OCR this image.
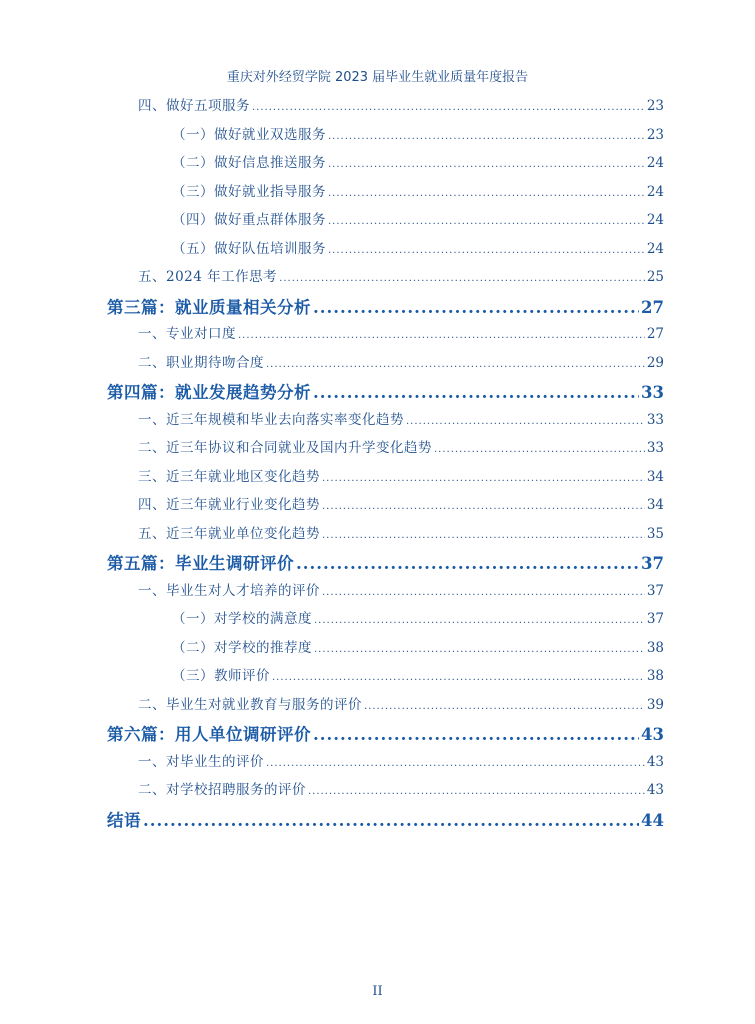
重庆对外经贸学院 2023 届毕业生就业质量年度报告
四、做好五项服务 .....	23
（一）做好就业双选服务 .....	23
（二）做好信息推送服务 .....	24
（三）做好就业指导服务 .....	24
（四）做好重点群体服务 .....	24
（五）做好队伍培训服务 .....	24
五、2024 年工作思考 .....	25
第三篇：就业质量相关分析 .....	27
一、专业对口度 .....	27
二、职业期待吻合度 .....	29
第四篇：就业发展趋势分析 .....	33
一、近三年规模和毕业去向落实率变化趋势 .....	33
二、近三年协议和合同就业及国内升学变化趋势 .....	33
三、近三年就业地区变化趋势 .....	34
四、近三年就业行业变化趋势 .....	34
五、近三年就业单位变化趋势 .....	35
第五篇：毕业生调研评价 .....	37
一、毕业生对人才培养的评价 .....	37
（一）对学校的满意度 .....	37
（二）对学校的推荐度 .....	38
（三）教师评价 .....	38
二、毕业生对就业教育与服务的评价 .....	39
第六篇：用人单位调研评价 .....	43
一、对毕业生的评价 .....	43
二、对学校招聘服务的评价 .....	43
结语 .....	44
II
